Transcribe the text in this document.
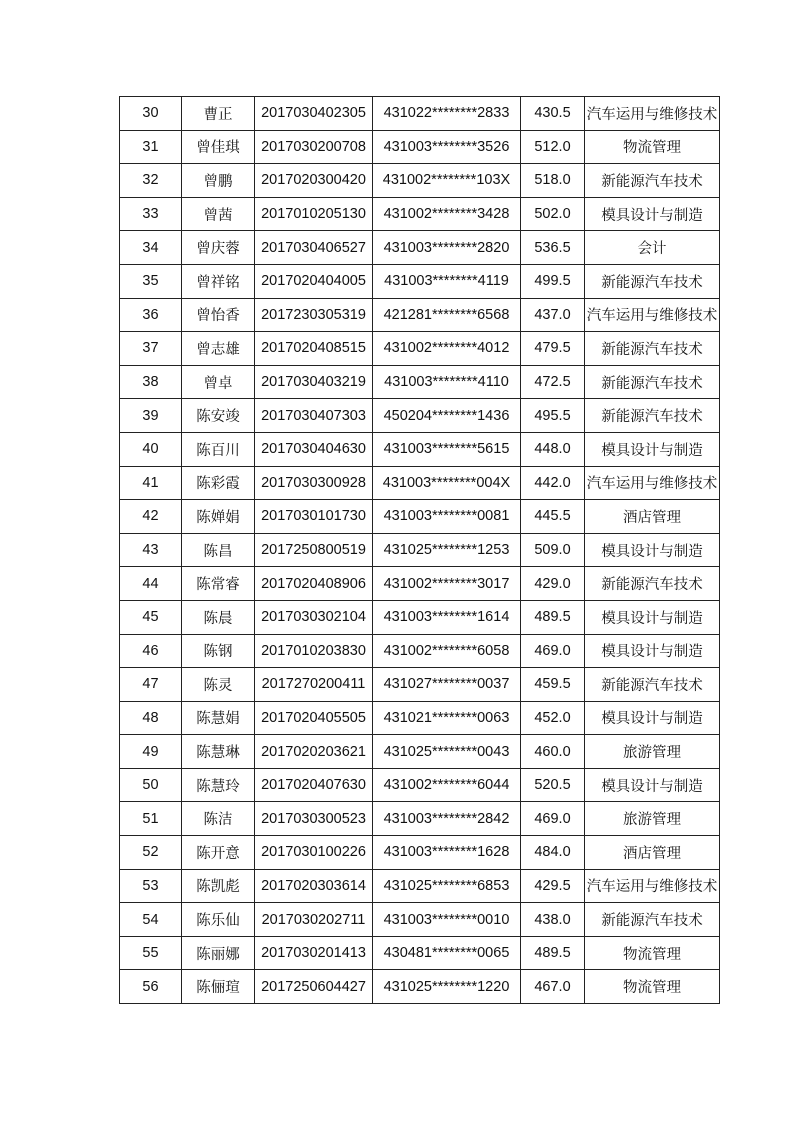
30	曹正	2017030402305	431022********2833	430.5	汽车运用与维修技术
31	曾佳琪	2017030200708	431003********3526	512.0	物流管理
32	曾鹏	2017020300420	431002********103X	518.0	新能源汽车技术
33	曾茜	2017010205130	431002********3428	502.0	模具设计与制造
34	曾庆蓉	2017030406527	431003********2820	536.5	会计
35	曾祥铭	2017020404005	431003********4119	499.5	新能源汽车技术
36	曾怡香	2017230305319	421281********6568	437.0	汽车运用与维修技术
37	曾志雄	2017020408515	431002********4012	479.5	新能源汽车技术
38	曾卓	2017030403219	431003********4110	472.5	新能源汽车技术
39	陈安竣	2017030407303	450204********1436	495.5	新能源汽车技术
40	陈百川	2017030404630	431003********5615	448.0	模具设计与制造
41	陈彩霞	2017030300928	431003********004X	442.0	汽车运用与维修技术
42	陈婵娟	2017030101730	431003********0081	445.5	酒店管理
43	陈昌	2017250800519	431025********1253	509.0	模具设计与制造
44	陈常睿	2017020408906	431002********3017	429.0	新能源汽车技术
45	陈晨	2017030302104	431003********1614	489.5	模具设计与制造
46	陈钢	2017010203830	431002********6058	469.0	模具设计与制造
47	陈灵	2017270200411	431027********0037	459.5	新能源汽车技术
48	陈慧娟	2017020405505	431021********0063	452.0	模具设计与制造
49	陈慧琳	2017020203621	431025********0043	460.0	旅游管理
50	陈慧玲	2017020407630	431002********6044	520.5	模具设计与制造
51	陈洁	2017030300523	431003********2842	469.0	旅游管理
52	陈开意	2017030100226	431003********1628	484.0	酒店管理
53	陈凯彪	2017020303614	431025********6853	429.5	汽车运用与维修技术
54	陈乐仙	2017030202711	431003********0010	438.0	新能源汽车技术
55	陈丽娜	2017030201413	430481********0065	489.5	物流管理
56	陈俪瑄	2017250604427	431025********1220	467.0	物流管理
